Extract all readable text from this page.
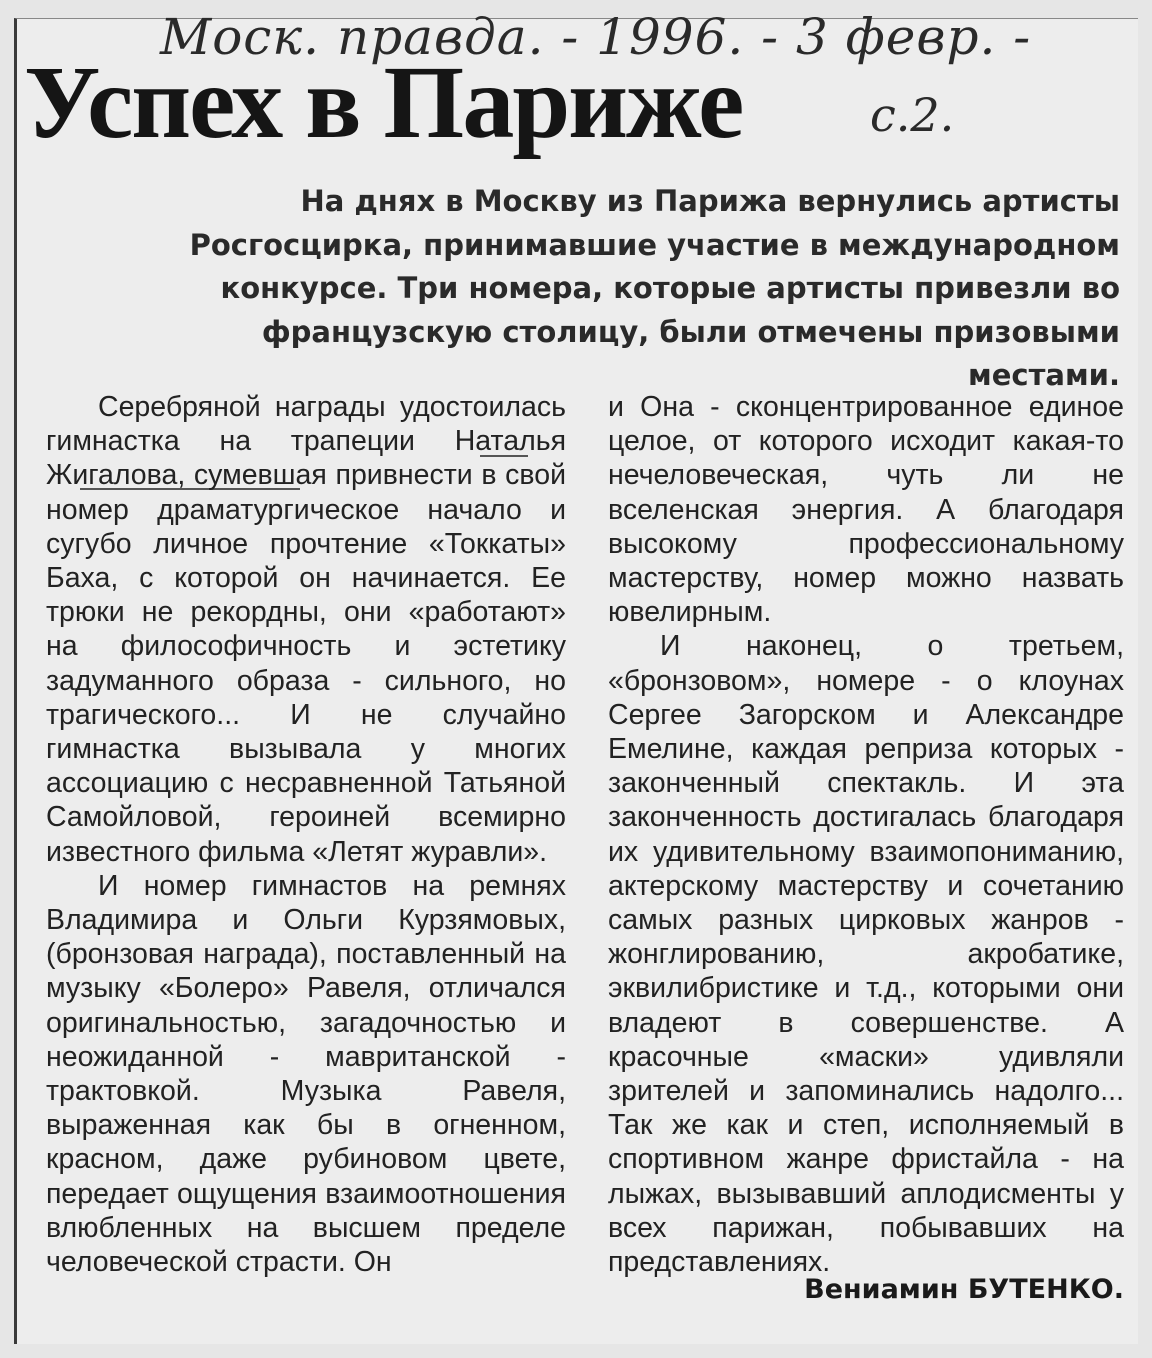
Моск. правда. - 1996. - 3 февр. -
с.2.
Успех в Париже

На днях в Москву из Парижа вернулись артисты Росгосцирка, принимавшие участие в международном конкурсе. Три номера, которые артисты привезли во французскую столицу, были отмечены призовыми местами.

Серебряной награды удостоилась гимнастка на трапеции Наталья Жигалова, сумевшая привнести в свой номер драматургическое начало и сугубо личное прочтение «Токкаты» Баха, с которой он начинается. Ее трюки не рекордны, они «работают» на философичность и эстетику задуманного образа - сильного, но трагического... И не случайно гимнастка вызывала у многих ассоциацию с несравненной Татьяной Самойловой, героиней всемирно известного фильма «Летят журавли».

И номер гимнастов на ремнях Владимира и Ольги Курзямовых, (бронзовая награда), поставленный на музыку «Болеро» Равеля, отличался оригинальностью, загадочностью и неожиданной - мавританской - трактовкой. Музыка Равеля, выраженная как бы в огненном, красном, даже рубиновом цвете, передает ощущения взаимоотношения влюбленных на высшем пределе человеческой страсти. Он

и Она - сконцентрированное единое целое, от которого исходит какая-то нечеловеческая, чуть ли не вселенская энергия. А благодаря высокому профессиональному мастерству, номер можно назвать ювелирным.

И наконец, о третьем, «бронзовом», номере - о клоунах Сергее Загорском и Александре Емелине, каждая реприза которых - законченный спектакль. И эта законченность достигалась благодаря их удивительному взаимопониманию, актерскому мастерству и сочетанию самых разных цирковых жанров - жонглированию, акробатике, эквилибристике и т.д., которыми они владеют в совершенстве. А красочные «маски» удивляли зрителей и запоминались надолго... Так же как и степ, исполняемый в спортивном жанре фристайла - на лыжах, вызывавший аплодисменты у всех парижан, побывавших на представлениях.

Вениамин БУТЕНКО.
